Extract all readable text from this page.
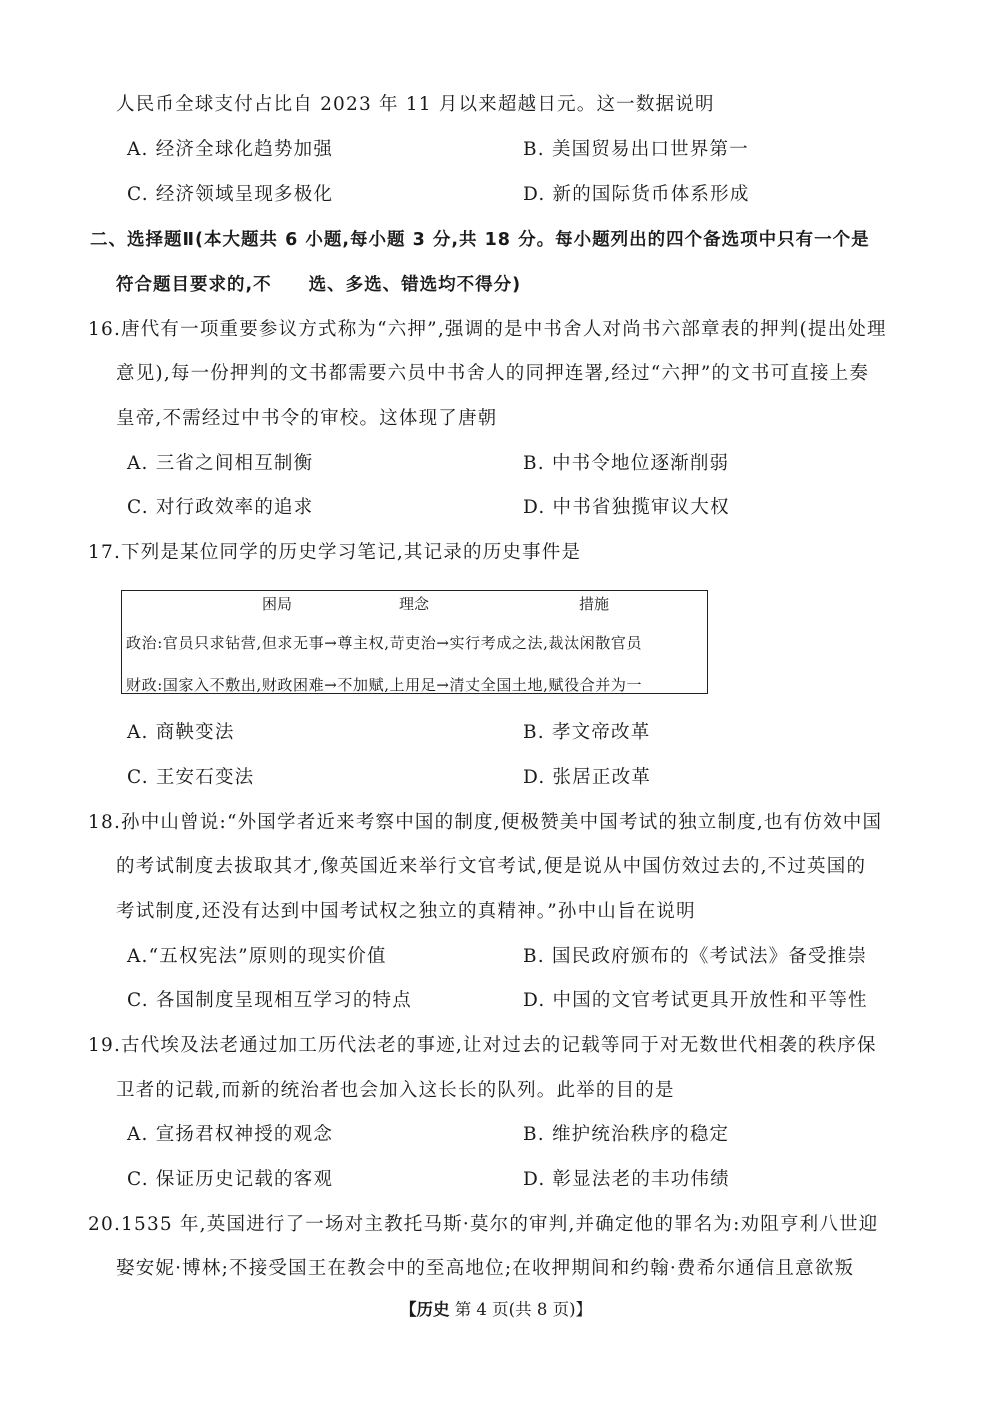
人民币全球支付占比自 2023 年 11 月以来超越日元。这一数据说明
A. 经济全球化趋势加强	B. 美国贸易出口世界第一
C. 经济领域呈现多极化	D. 新的国际货币体系形成
二、选择题Ⅱ(本大题共 6 小题,每小题 3 分,共 18 分。每小题列出的四个备选项中只有一个是
符合题目要求的,不　　选、多选、错选均不得分)
16.唐代有一项重要参议方式称为“六押”,强调的是中书舍人对尚书六部章表的押判(提出处理
意见),每一份押判的文书都需要六员中书舍人的同押连署,经过“六押”的文书可直接上奏
皇帝,不需经过中书令的审校。这体现了唐朝
A. 三省之间相互制衡	B. 中书令地位逐渐削弱
C. 对行政效率的追求	D. 中书省独揽审议大权
17.下列是某位同学的历史学习笔记,其记录的历史事件是
困局	理念	措施
政治:官员只求钻营,但求无事→尊主权,苛吏治→实行考成之法,裁汰闲散官员
财政:国家入不敷出,财政困难→不加赋,上用足→清丈全国土地,赋役合并为一
A. 商鞅变法	B. 孝文帝改革
C. 王安石变法	D. 张居正改革
18.孙中山曾说:“外国学者近来考察中国的制度,便极赞美中国考试的独立制度,也有仿效中国
的考试制度去拔取其才,像英国近来举行文官考试,便是说从中国仿效过去的,不过英国的
考试制度,还没有达到中国考试权之独立的真精神。”孙中山旨在说明
A.“五权宪法”原则的现实价值	B. 国民政府颁布的《考试法》备受推崇
C. 各国制度呈现相互学习的特点	D. 中国的文官考试更具开放性和平等性
19.古代埃及法老通过加工历代法老的事迹,让对过去的记载等同于对无数世代相袭的秩序保
卫者的记载,而新的统治者也会加入这长长的队列。此举的目的是
A. 宣扬君权神授的观念	B. 维护统治秩序的稳定
C. 保证历史记载的客观	D. 彰显法老的丰功伟绩
20.1535 年,英国进行了一场对主教托马斯·莫尔的审判,并确定他的罪名为:劝阻亨利八世迎
娶安妮·博林;不接受国王在教会中的至高地位;在收押期间和约翰·费希尔通信且意欲叛
【历史 第 4 页(共 8 页)】
